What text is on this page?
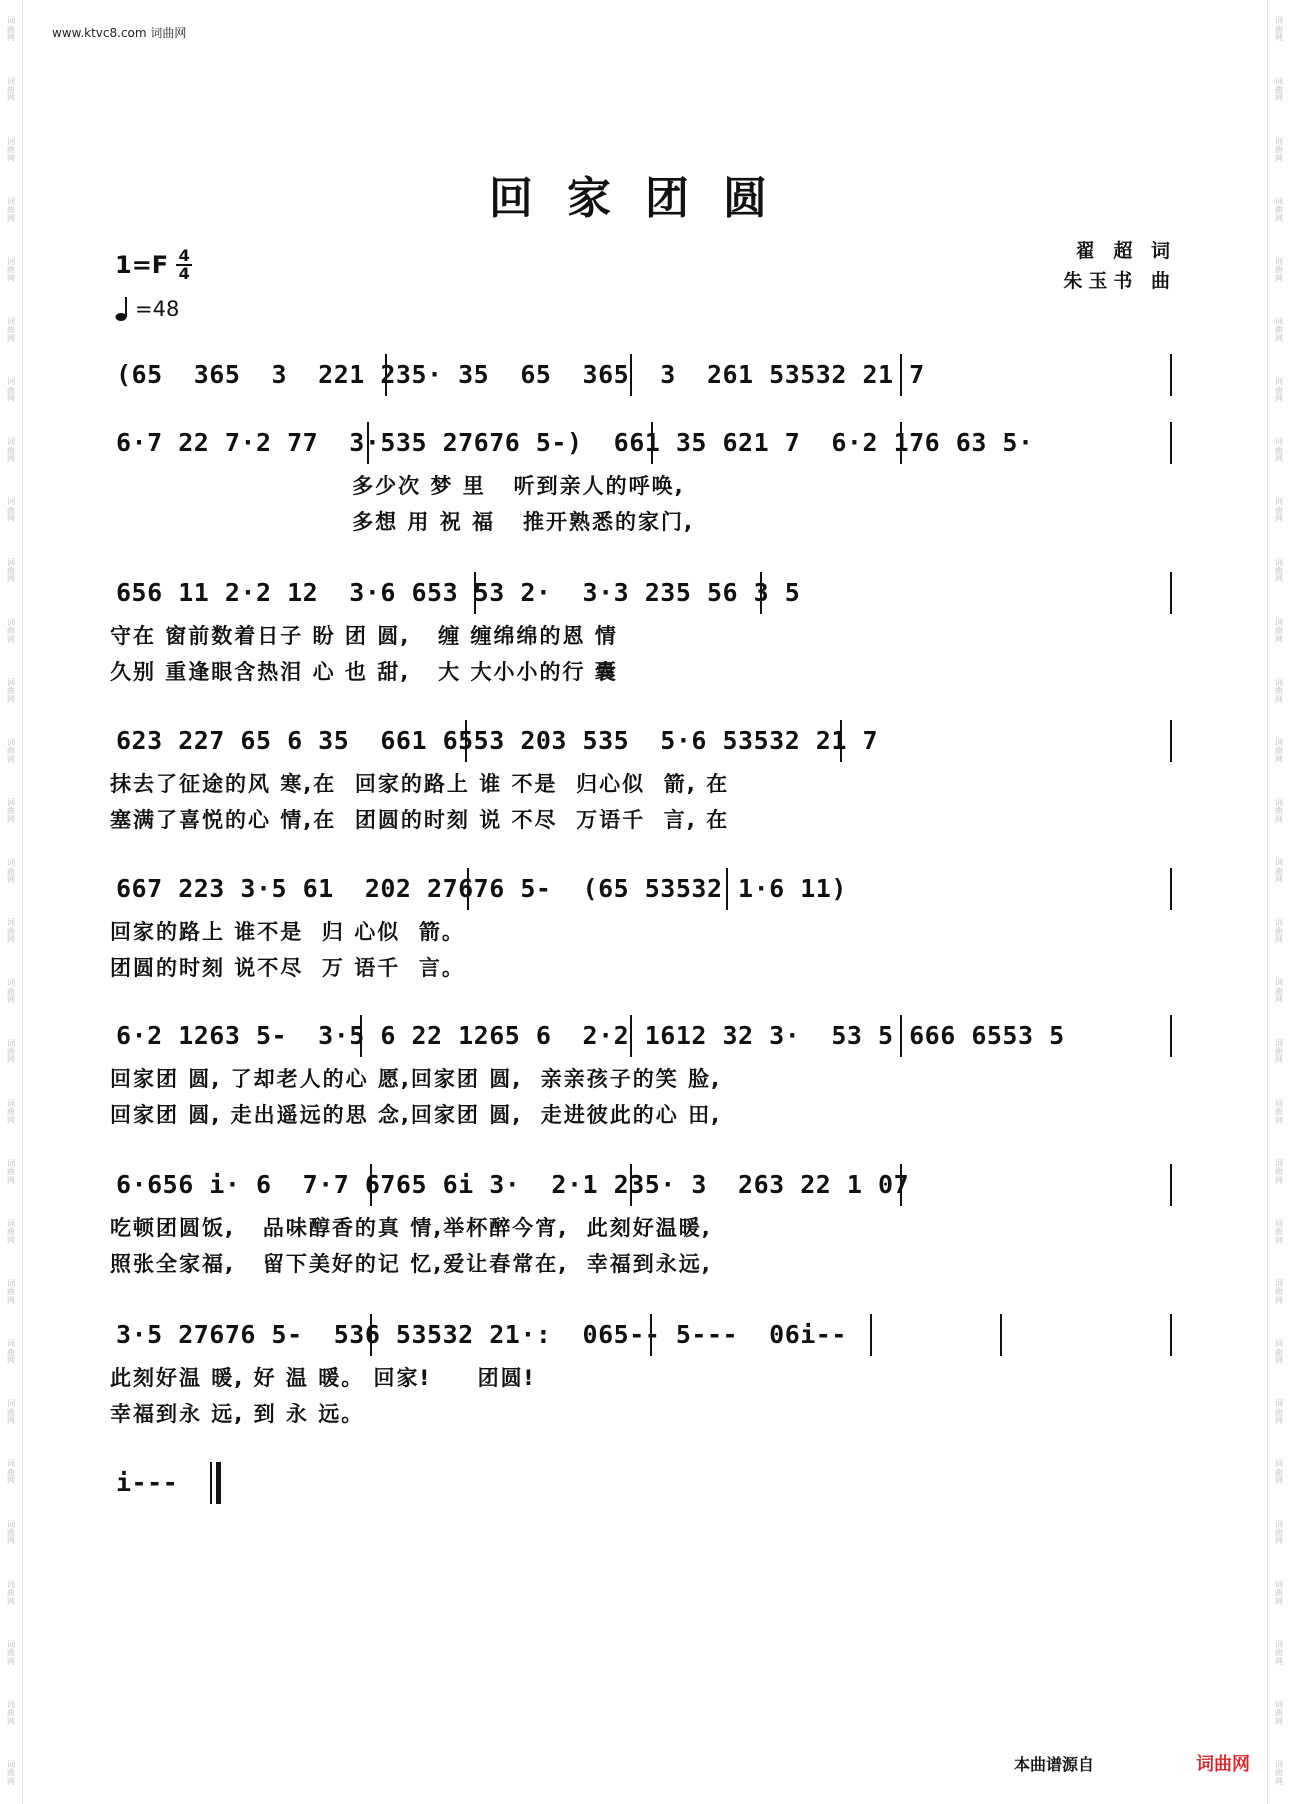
词
曲
网
词
曲
网
词
曲
网
词
曲
网
词
曲
网
词
曲
网
词
曲
网
词
曲
网
词
曲
网
词
曲
网
词
曲
网
词
曲
网
词
曲
网
词
曲
网
词
曲
网
词
曲
网
词
曲
网
词
曲
网
词
曲
网
词
曲
网
词
曲
网
词
曲
网
词
曲
网
词
曲
网
词
曲
网
词
曲
网
词
曲
网
词
曲
网
词
曲
网
词
曲
网
词
曲
网
词
曲
网
词
曲
网
词
曲
网
词
曲
网
词
曲
网
词
曲
网
词
曲
网
词
曲
网
词
曲
网
词
曲
网
词
曲
网
词
曲
网
词
曲
网
词
曲
网
词
曲
网
词
曲
网
词
曲
网
词
曲
网
词
曲
网
词
曲
网
词
曲
网
词
曲
网
词
曲
网
词
曲
网
词
曲
网
词
曲
网
词
曲
网
词
曲
网
词
曲
网
www.ktvc8.com 词曲网
回家团圆
$1=F \frac{4}{4}$
=48
翟 超 词
朱玉书 曲
(65  365  3  221 235· 35  65  365  3  261 53532 21 7
6·7 22 7·2 77  3·535 27676 5-)  661 35 621 7  6·2 176 63 5·
多少次 梦 里   听到亲人的呼唤,
多想 用 祝 福   推开熟悉的家门,
656 11 2·2 12  3·6 653 53 2·  3·3 235 56 3 5
守在 窗前数着日子 盼 团 圆,   缠 缠绵绵的恩 情
久别 重逢眼含热泪 心 也 甜,   大 大小小的行 囊
623 227 65 6 35  661 6553 203 535  5·6 53532 21 7
抹去了征途的风 寒,在  回家的路上 谁 不是  归心似  箭, 在
塞满了喜悦的心 情,在  团圆的时刻 说 不尽  万语千  言, 在
667 223 3·5 61  202 27676 5-  (65 53532 1·6 11)
回家的路上 谁不是  归 心似  箭。
团圆的时刻 说不尽  万 语千  言。
6·2 1263 5-  3·5 6 22 1265 6  2·2 1612 32 3·  53 5 666 6553 5
回家团 圆, 了却老人的心 愿,回家团 圆,  亲亲孩子的笑 脸,
回家团 圆, 走出遥远的思 念,回家团 圆,  走进彼此的心 田,
6·656 i· 6  7·7 6765 6i 3·  2·1 235· 3  263 22 1 07
吃顿团圆饭,   品味醇香的真 情,举杯醉今宵,  此刻好温暖,
照张全家福,   留下美好的记 忆,爱让春常在,  幸福到永远,
3·5 27676 5-  536 53532 21·:  065-- 5---  06i--
此刻好温 暖, 好 温 暖。 回家!     团圆!
幸福到永 远, 到 永 远。
i---
本曲谱源自	词曲网
